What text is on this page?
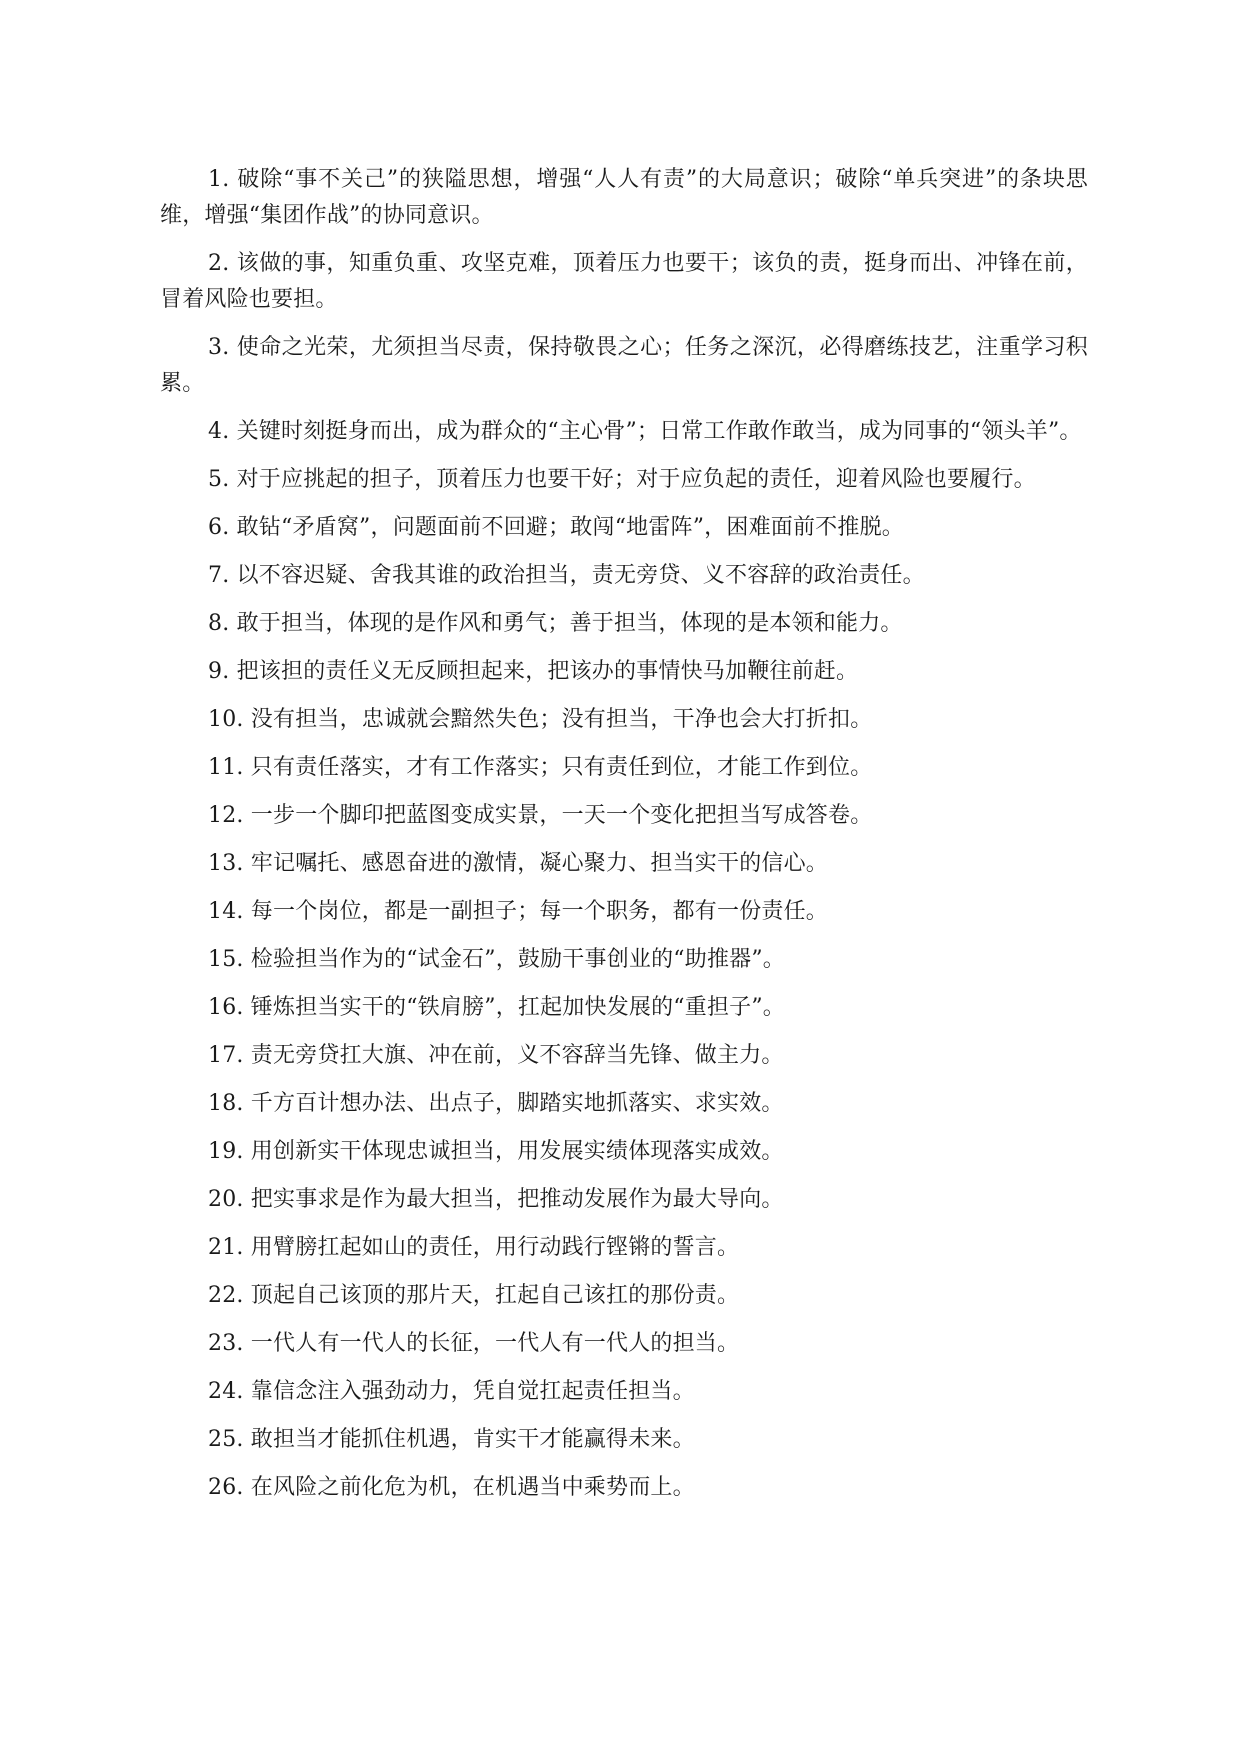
1. 破除“事不关己”的狭隘思想，增强“人人有责”的大局意识；破除“单兵突进”的条块思维，增强“集团作战”的协同意识。

2. 该做的事，知重负重、攻坚克难，顶着压力也要干；该负的责，挺身而出、冲锋在前，冒着风险也要担。

3. 使命之光荣，尤须担当尽责，保持敬畏之心；任务之深沉，必得磨练技艺，注重学习积累。

4. 关键时刻挺身而出，成为群众的“主心骨”；日常工作敢作敢当，成为同事的“领头羊”。

5. 对于应挑起的担子，顶着压力也要干好；对于应负起的责任，迎着风险也要履行。

6. 敢钻“矛盾窝”，问题面前不回避；敢闯“地雷阵”，困难面前不推脱。

7. 以不容迟疑、舍我其谁的政治担当，责无旁贷、义不容辞的政治责任。

8. 敢于担当，体现的是作风和勇气；善于担当，体现的是本领和能力。

9. 把该担的责任义无反顾担起来，把该办的事情快马加鞭往前赶。

10. 没有担当，忠诚就会黯然失色；没有担当，干净也会大打折扣。

11. 只有责任落实，才有工作落实；只有责任到位，才能工作到位。

12. 一步一个脚印把蓝图变成实景，一天一个变化把担当写成答卷。

13. 牢记嘱托、感恩奋进的激情，凝心聚力、担当实干的信心。

14. 每一个岗位，都是一副担子；每一个职务，都有一份责任。

15. 检验担当作为的“试金石”，鼓励干事创业的“助推器”。

16. 锤炼担当实干的“铁肩膀”，扛起加快发展的“重担子”。

17. 责无旁贷扛大旗、冲在前，义不容辞当先锋、做主力。

18. 千方百计想办法、出点子，脚踏实地抓落实、求实效。

19. 用创新实干体现忠诚担当，用发展实绩体现落实成效。

20. 把实事求是作为最大担当，把推动发展作为最大导向。

21. 用臂膀扛起如山的责任，用行动践行铿锵的誓言。

22. 顶起自己该顶的那片天，扛起自己该扛的那份责。

23. 一代人有一代人的长征，一代人有一代人的担当。

24. 靠信念注入强劲动力，凭自觉扛起责任担当。

25. 敢担当才能抓住机遇，肯实干才能赢得未来。

26. 在风险之前化危为机，在机遇当中乘势而上。
